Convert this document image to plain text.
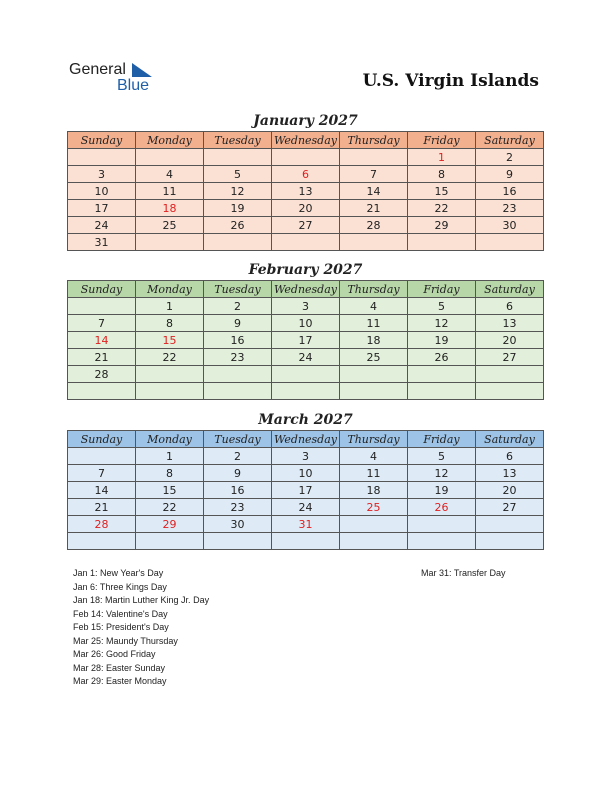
General
Blue	U.S. Virgin Islands
January 2027
Sunday	Monday	Tuesday	Wednesday	Thursday	Friday	Saturday
					1	2
3	4	5	6	7	8	9
10	11	12	13	14	15	16
17	18	19	20	21	22	23
24	25	26	27	28	29	30
31						
February 2027
Sunday	Monday	Tuesday	Wednesday	Thursday	Friday	Saturday
	1	2	3	4	5	6
7	8	9	10	11	12	13
14	15	16	17	18	19	20
21	22	23	24	25	26	27
28						

March 2027
Sunday	Monday	Tuesday	Wednesday	Thursday	Friday	Saturday
	1	2	3	4	5	6
7	8	9	10	11	12	13
14	15	16	17	18	19	20
21	22	23	24	25	26	27
28	29	30	31			

Jan 1: New Year's Day
Jan 6: Three Kings Day
Jan 18: Martin Luther King Jr. Day
Feb 14: Valentine's Day
Feb 15: President's Day
Mar 25: Maundy Thursday
Mar 26: Good Friday
Mar 28: Easter Sunday
Mar 29: Easter Monday
Mar 31: Transfer Day
